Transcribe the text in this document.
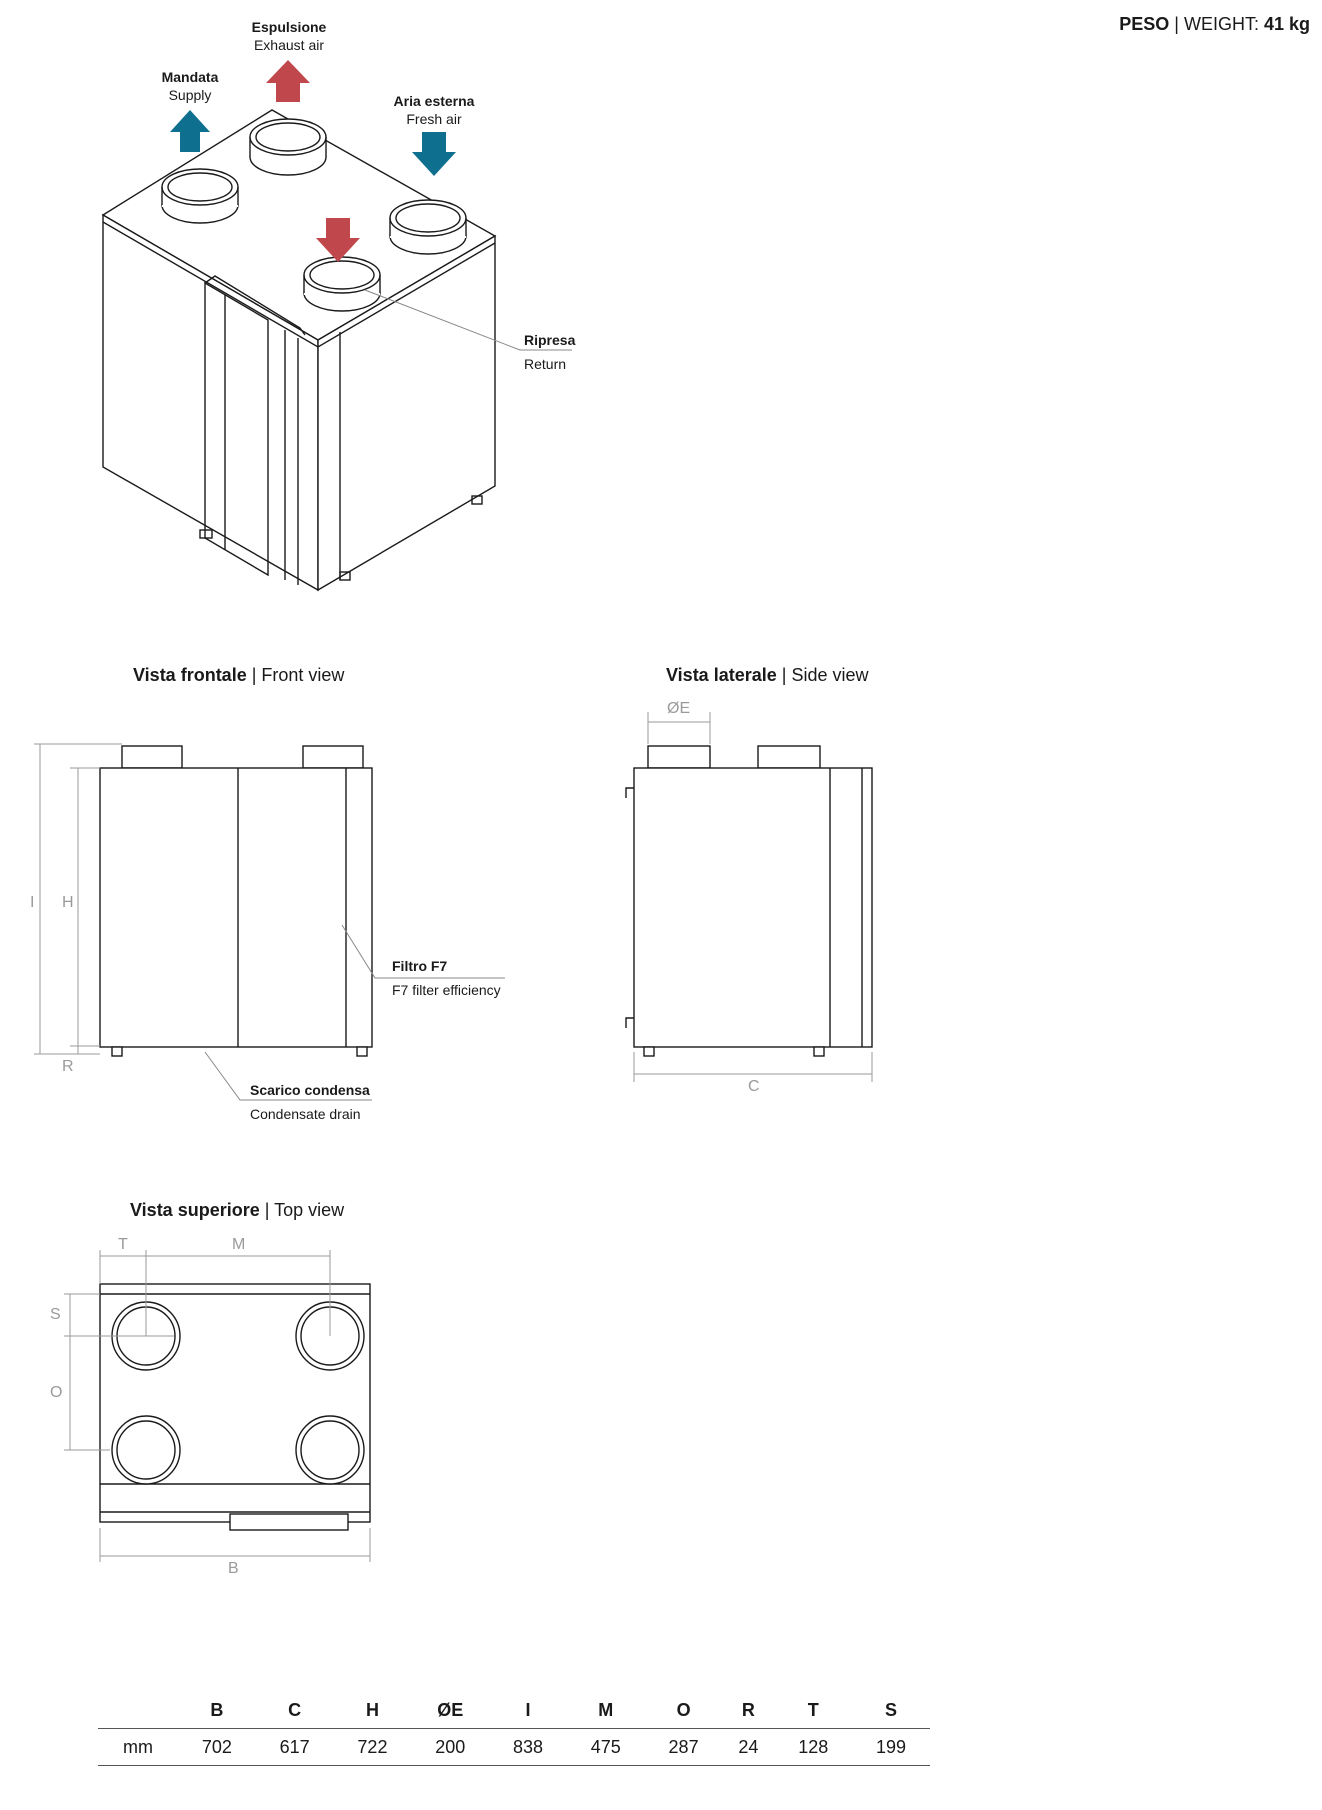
PESO | WEIGHT: 41 kg
Espulsione
Exhaust air
Mandata
Supply	Aria esterna
Fresh air
Ripresa
Return
Vista frontale | Front view
I H
R
Filtro F7
F7 filter efficiency
Scarico condensa
Condensate drain
Vista laterale | Side view
ØE
C
Vista superiore | Top view
T	M
S
O
B
	B	C	H	ØE	I	M	O	R	T	S
mm	702	617	722	200	838	475	287	24	128	199
